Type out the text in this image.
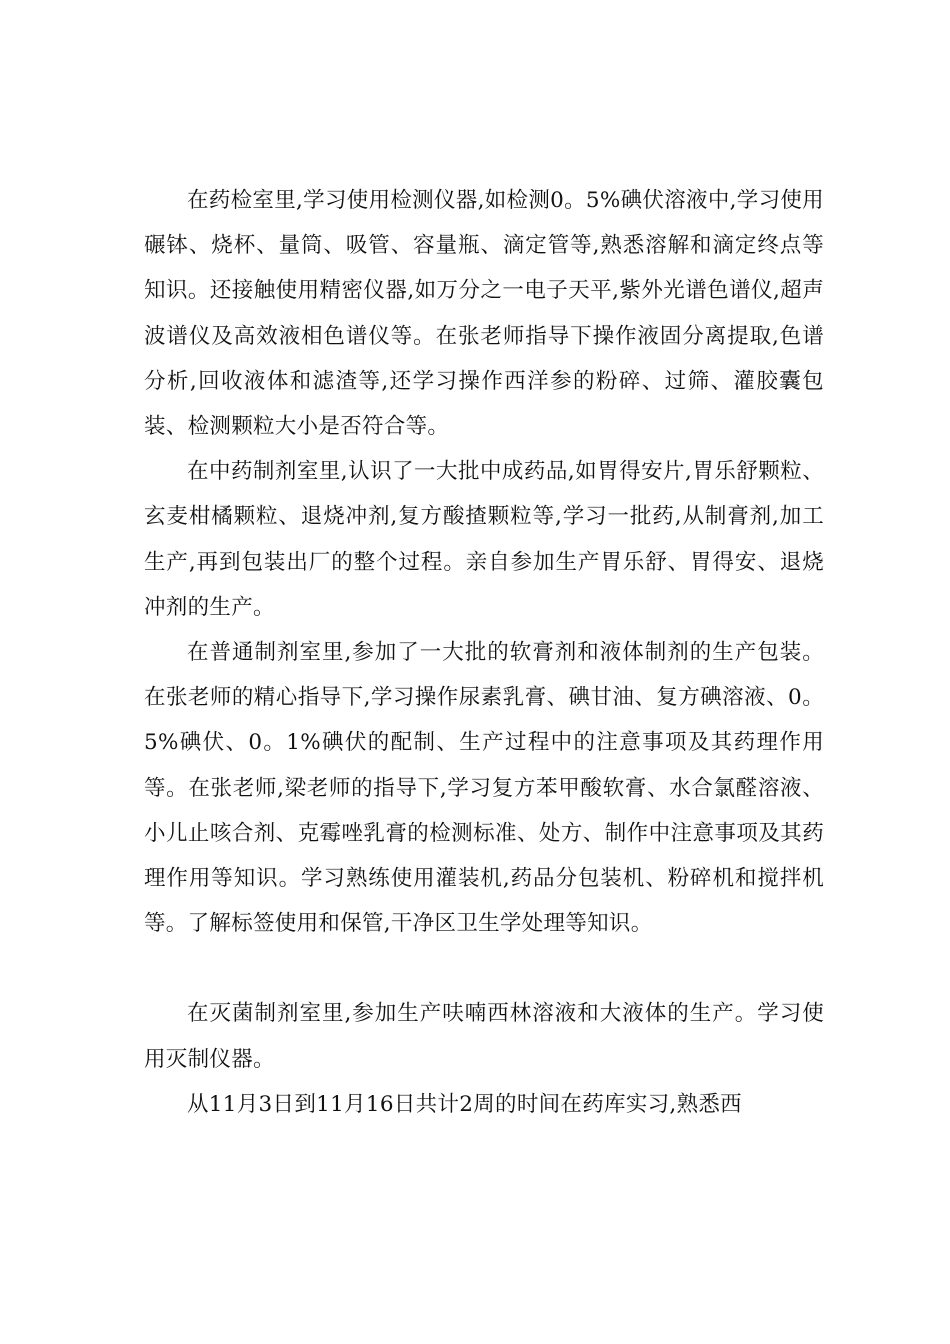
在药检室里,学习使用检测仪器,如检测0。5%碘伏溶液中,学习使用碾钵、烧杯、量筒、吸管、容量瓶、滴定管等,熟悉溶解和滴定终点等知识。还接触使用精密仪器,如万分之一电子天平,紫外光谱色谱仪,超声波谱仪及高效液相色谱仪等。在张老师指导下操作液固分离提取,色谱分析,回收液体和滤渣等,还学习操作西洋参的粉碎、过筛、灌胶囊包装、检测颗粒大小是否符合等。

在中药制剂室里,认识了一大批中成药品,如胃得安片,胃乐舒颗粒、玄麦柑橘颗粒、退烧冲剂,复方酸揸颗粒等,学习一批药,从制膏剂,加工生产,再到包装出厂的整个过程。亲自参加生产胃乐舒、胃得安、退烧冲剂的生产。

在普通制剂室里,参加了一大批的软膏剂和液体制剂的生产包装。在张老师的精心指导下,学习操作尿素乳膏、碘甘油、复方碘溶液、0。5%碘伏、0。1%碘伏的配制、生产过程中的注意事项及其药理作用等。在张老师,梁老师的指导下,学习复方苯甲酸软膏、水合氯醛溶液、小儿止咳合剂、克霉唑乳膏的检测标准、处方、制作中注意事项及其药理作用等知识。学习熟练使用灌装机,药品分包装机、粉碎机和搅拌机等。了解标签使用和保管,干净区卫生学处理等知识。

在灭菌制剂室里,参加生产呋喃西林溶液和大液体的生产。学习使用灭制仪器。

从11月3日到11月16日共计2周的时间在药库实习,熟悉西
